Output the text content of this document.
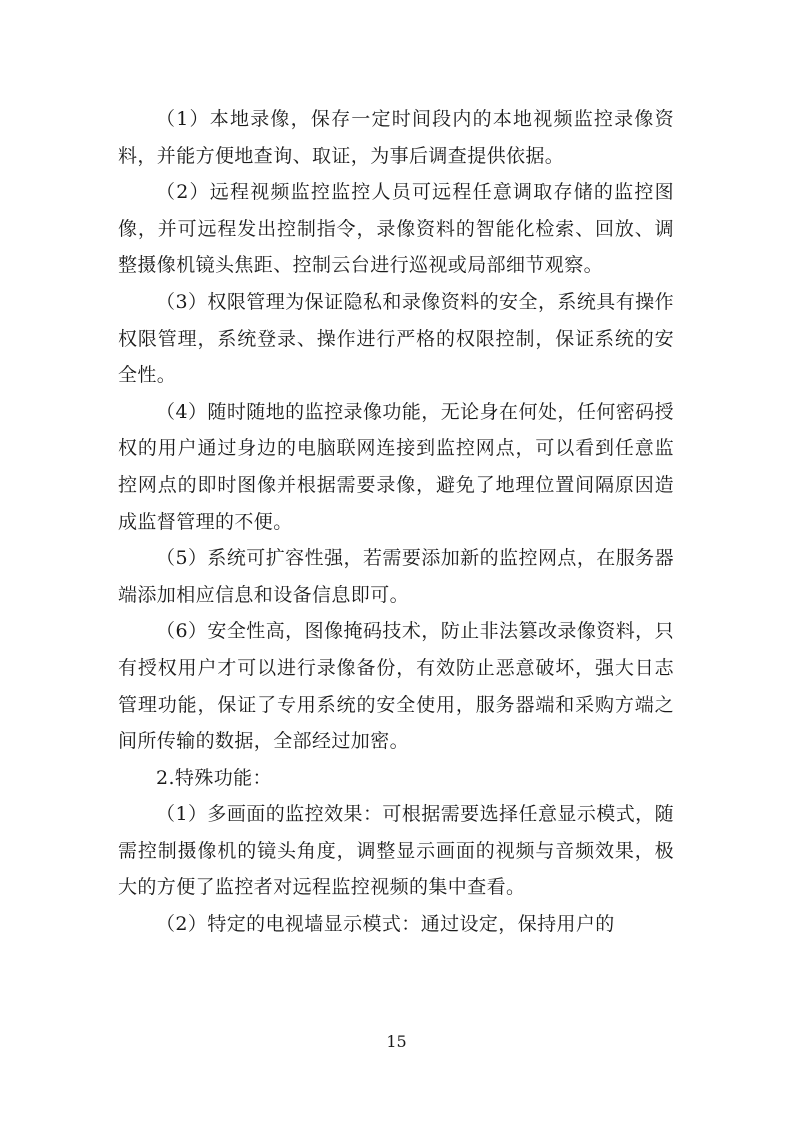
（1）本地录像，保存一定时间段内的本地视频监控录像资料，并能方便地查询、取证，为事后调查提供依据。

（2）远程视频监控监控人员可远程任意调取存储的监控图像，并可远程发出控制指令，录像资料的智能化检索、回放、调整摄像机镜头焦距、控制云台进行巡视或局部细节观察。

（3）权限管理为保证隐私和录像资料的安全，系统具有操作权限管理，系统登录、操作进行严格的权限控制，保证系统的安全性。

（4）随时随地的监控录像功能，无论身在何处，任何密码授权的用户通过身边的电脑联网连接到监控网点，可以看到任意监控网点的即时图像并根据需要录像，避免了地理位置间隔原因造成监督管理的不便。

（5）系统可扩容性强，若需要添加新的监控网点，在服务器端添加相应信息和设备信息即可。

（6）安全性高，图像掩码技术，防止非法篡改录像资料，只有授权用户才可以进行录像备份，有效防止恶意破坏，强大日志管理功能，保证了专用系统的安全使用，服务器端和采购方端之间所传输的数据，全部经过加密。

2.特殊功能：

（1）多画面的监控效果：可根据需要选择任意显示模式，随需控制摄像机的镜头角度，调整显示画面的视频与音频效果，极大的方便了监控者对远程监控视频的集中查看。

（2）特定的电视墙显示模式：通过设定，保持用户的

15
